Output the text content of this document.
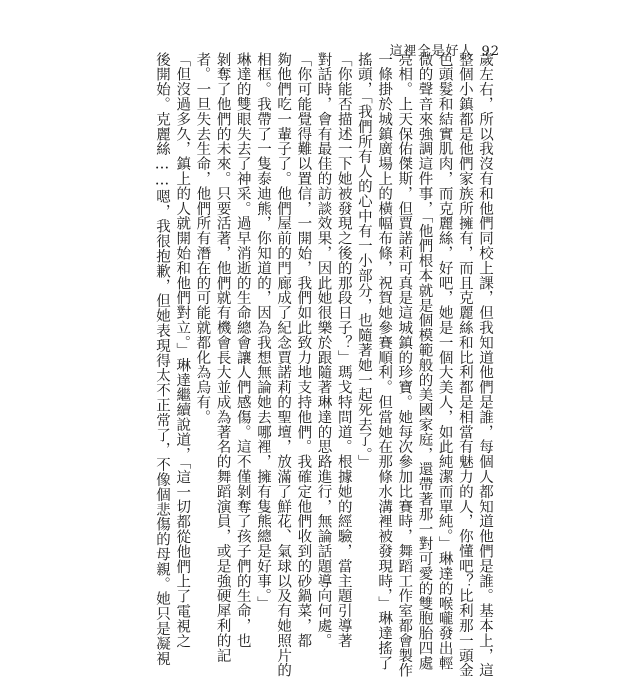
這裡全是好人 92
歲左右，所以我沒有和他們同校上課，但我知道他們是誰，每個人都知道他們是誰。基本上，這
整個小鎮都是他們家族所擁有，而且克麗絲和比利都是相當有魅力的人，你懂吧？比利那一頭金
色頭髮和結實肌肉，而克麗絲，好吧，她是一個大美人，如此純潔而單純。」琳達的喉嚨發出輕
微的聲音來強調這件事，「他們根本就是個模範般的美國家庭，還帶著那一對可愛的雙胞胎四處
亮相。上天保佑傑斯，但賈諾莉可真是這城鎮的珍寶。她每次參加比賽時，舞蹈工作室都會製作
一條掛於城鎮廣場上的橫幅布條，祝賀她參賽順利。但當她在那條水溝裡被發現時，」琳達搖了
搖頭，「我們所有人的心中有一小部分，也隨著她一起死去了。」
「你能否描述一下她被發現之後的那段日子？」瑪戈特問道。根據她的經驗，當主題引導著
對話時，會有最佳的訪談效果，因此她很樂於跟隨著琳達的思路進行，無論話題導向何處。
「你可能覺得難以置信，一開始，我們如此致力地支持他們。我確定他們收到的砂鍋菜，都
夠他們吃一輩子了。他們屋前的門廊成了紀念賈諾莉的聖壇，放滿了鮮花、氣球以及有她照片的
相框。我帶了一隻泰迪熊，你知道的，因為我想無論她去哪裡，擁有隻熊總是好事。」
琳達的雙眼失去了神采。過早消逝的生命總會讓人們感傷。這不僅剝奪了孩子們的生命，也
剝奪了他們的未來。只要活著，他們就有機會長大並成為著名的舞蹈演員，或是強硬犀利的記
者。一旦失去生命，他們所有潛在的可能就都化為烏有。
「但沒過多久，鎮上的人就開始和他們對立。」琳達繼續說道，「這一切都從他們上了電視之
後開始。克麗絲……嗯，我很抱歉，但她表現得太不正常了，不像個悲傷的母親。她只是凝視
